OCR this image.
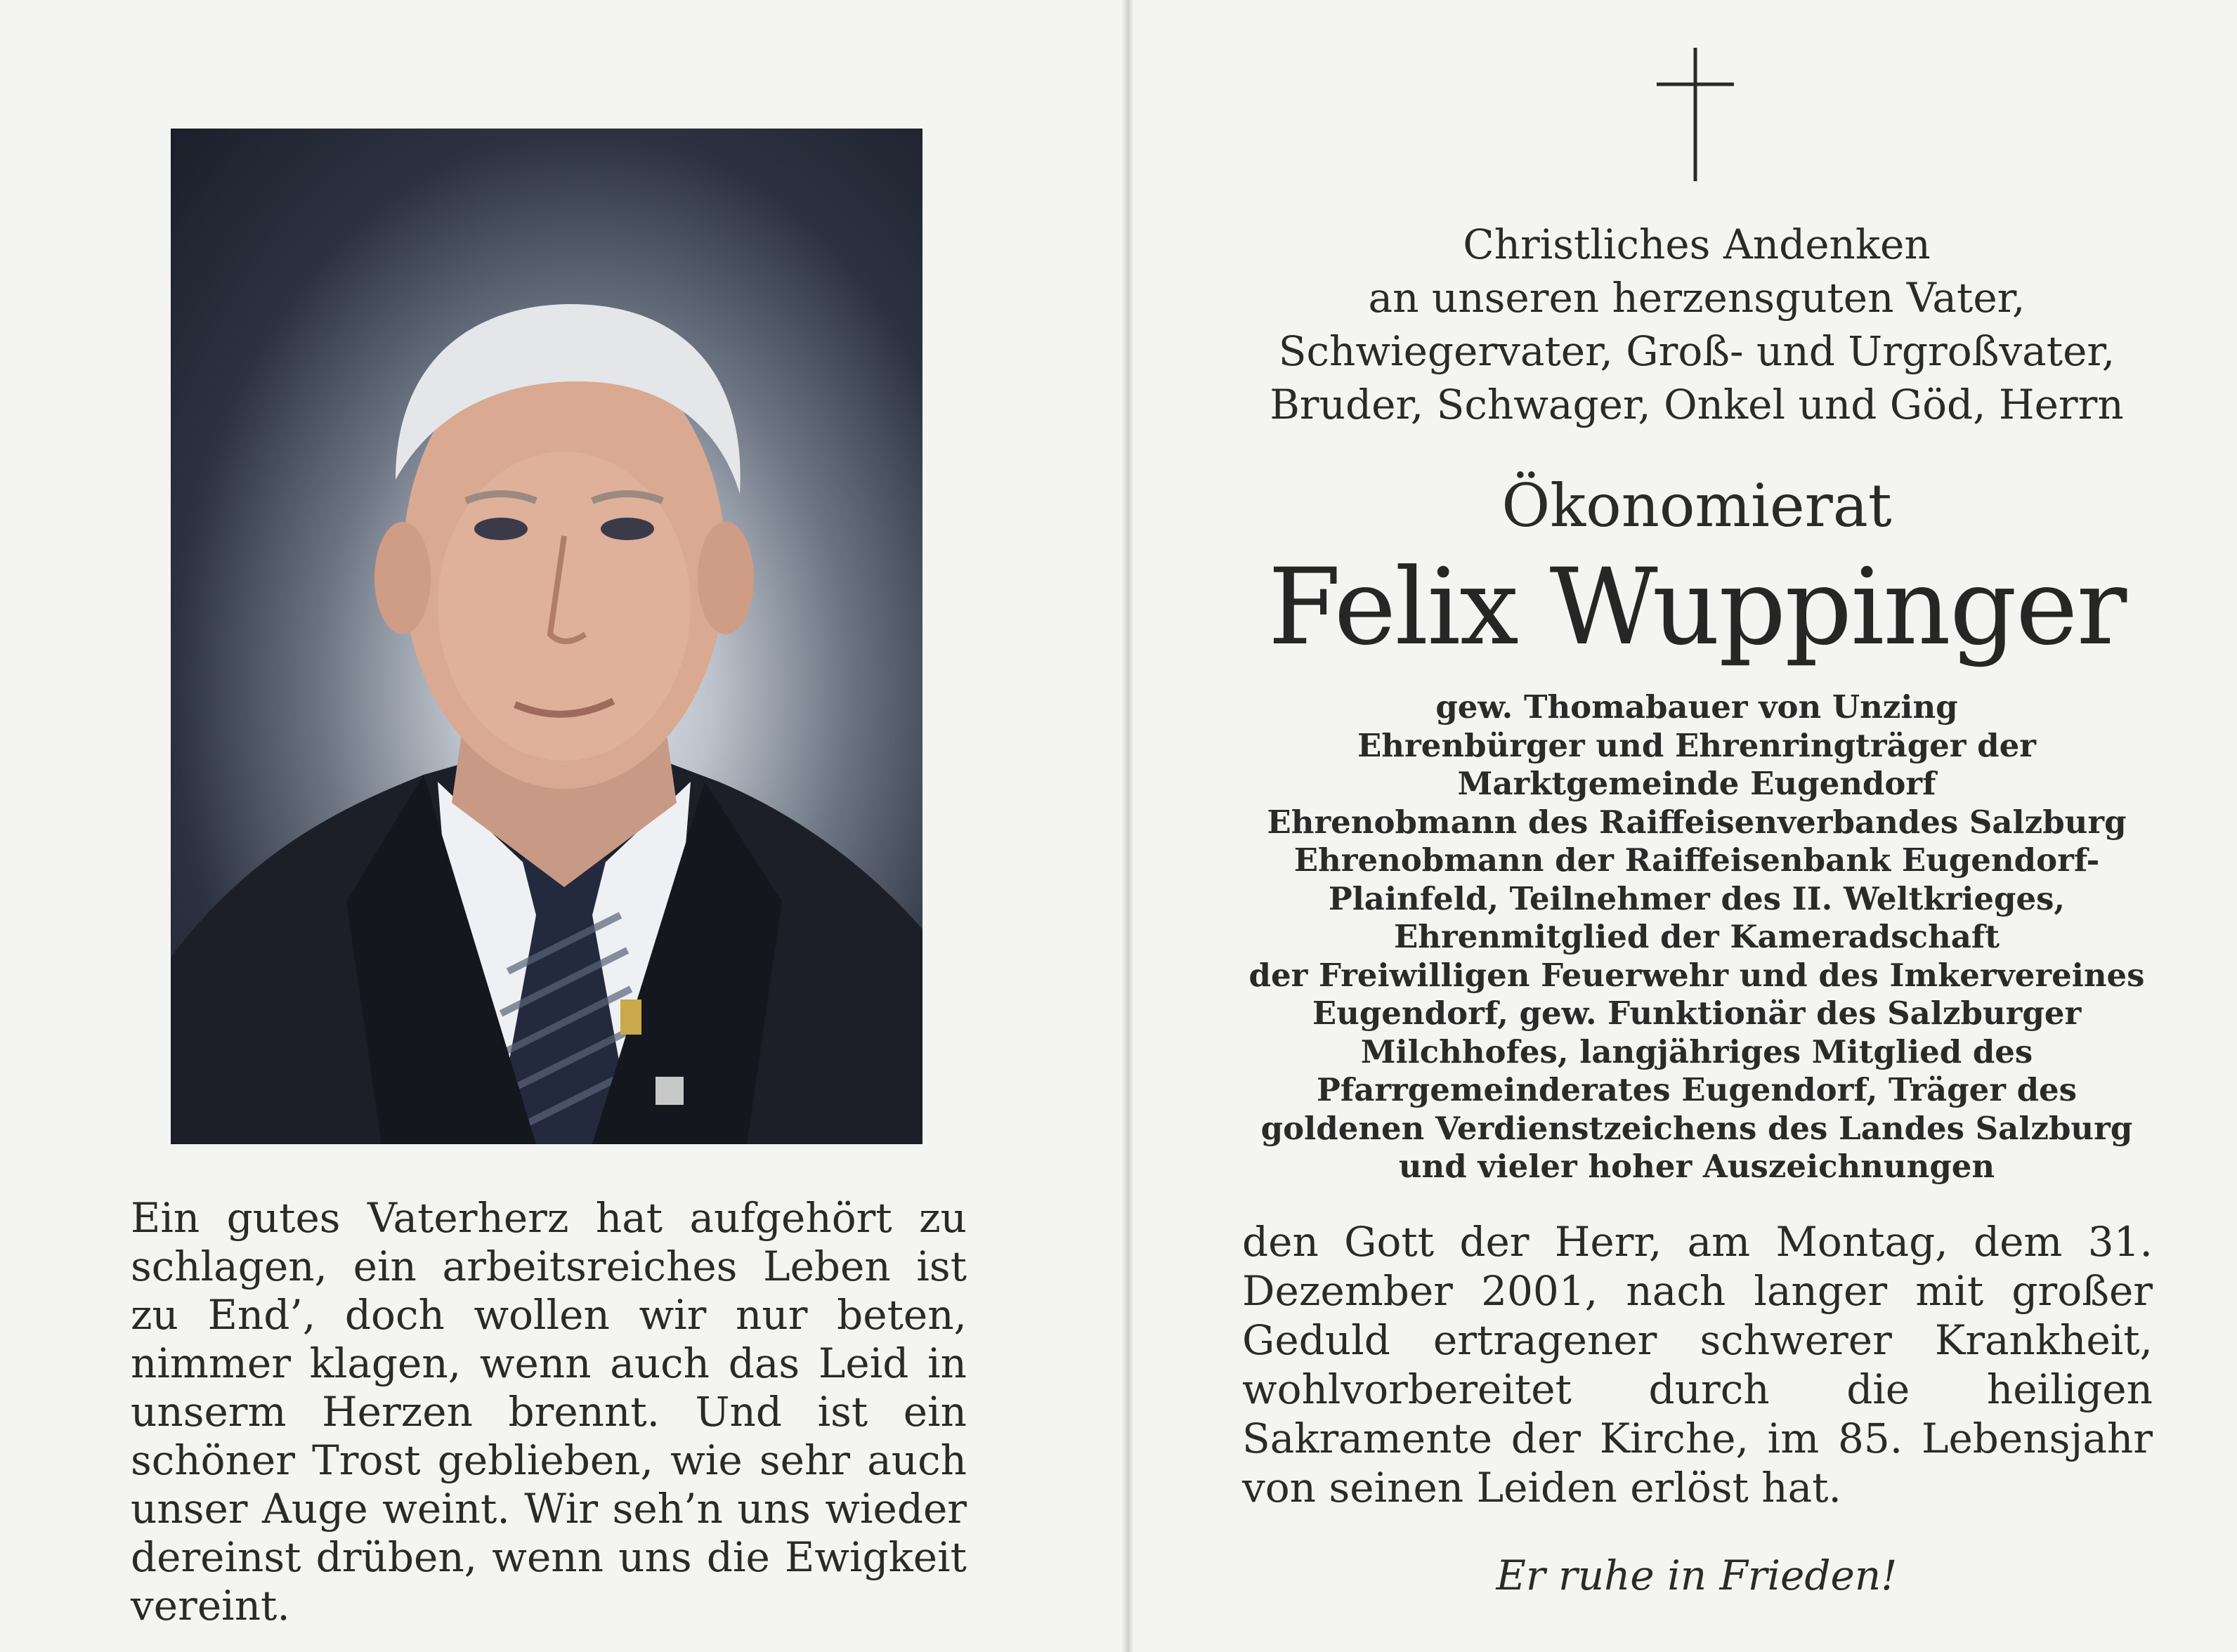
Ein gutes Vaterherz hat aufgehört zu schlagen, ein arbeitsreiches Leben ist zu End’, doch wollen wir nur beten, nimmer klagen, wenn auch das Leid in unserm Herzen brennt. Und ist ein schöner Trost geblieben, wie sehr auch unser Auge weint. Wir seh’n uns wieder dereinst drüben, wenn uns die Ewigkeit vereint.
Christliches Andenken
an unseren herzensguten Vater,
Schwiegervater, Groß- und Urgroßvater,
Bruder, Schwager, Onkel und Göd, Herrn
Ökonomierat
Felix Wuppinger
gew. Thomabauer von Unzing
Ehrenbürger und Ehrenringträger der
Marktgemeinde Eugendorf
Ehrenobmann des Raiffeisenverbandes Salzburg
Ehrenobmann der Raiffeisenbank Eugendorf-
Plainfeld, Teilnehmer des II. Weltkrieges,
Ehrenmitglied der Kameradschaft
der Freiwilligen Feuerwehr und des Imkervereines
Eugendorf, gew. Funktionär des Salzburger
Milchhofes, langjähriges Mitglied des
Pfarrgemeinderates Eugendorf, Träger des
goldenen Verdienstzeichens des Landes Salzburg
und vieler hoher Auszeichnungen
den Gott der Herr, am Montag, dem 31. Dezember 2001, nach langer mit großer Geduld ertragener schwerer Krankheit, wohlvorbereitet durch die heiligen Sakramente der Kirche, im 85. Lebensjahr von seinen Leiden erlöst hat.
Er ruhe in Frieden!
